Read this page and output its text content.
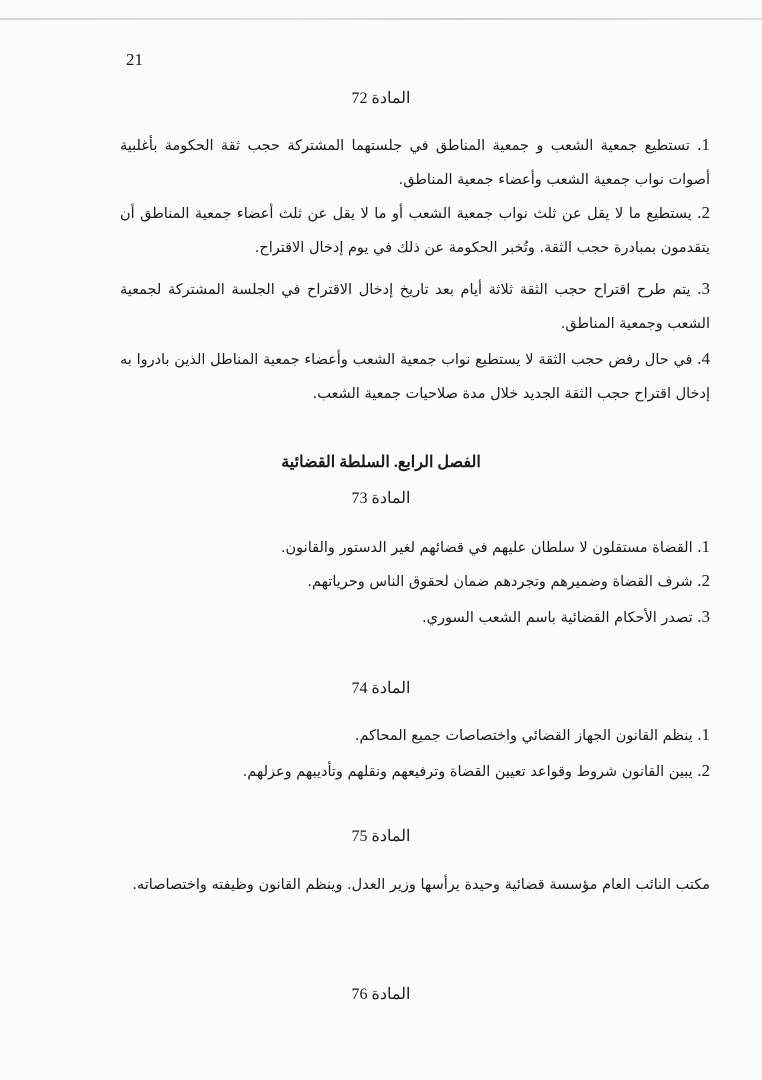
21
المادة 72

1. تستطيع جمعية الشعب و جمعية المناطق في جلستهما المشتركة حجب ثقة الحكومة بأغلبية أصوات نواب جمعية الشعب وأعضاء جمعية المناطق.

2. يستطيع ما لا يقل عن ثلث نواب جمعية الشعب أو ما لا يقل عن ثلث أعضاء جمعية المناطق أن يتقدمون بمبادرة حجب الثقة. وتُخبر الحكومة عن ذلك في يوم إدخال الاقتراح.

3. يتم طرح اقتراح حجب الثقة ثلاثة أيام بعد تاريخ إدخال الاقتراح في الجلسة المشتركة لجمعية الشعب وجمعية المناطق.

4. في حال رفض حجب الثقة لا يستطيع نواب جمعية الشعب وأعضاء جمعية المناطل الذين بادروا به إدخال اقتراح حجب الثقة الجديد خلال مدة صلاحيات جمعية الشعب.

الفصل الرابع. السلطة القضائية
المادة 73

1. القضاة مستقلون لا سلطان عليهم في قضائهم لغير الدستور والقانون.

2. شرف القضاة وضميرهم وتجردهم ضمان لحقوق الناس وحرياتهم.

3. تصدر الأحكام القضائية باسم الشعب السوري.

المادة 74

1. ينظم القانون الجهاز القضائي واختصاصات جميع المحاكم.

2. يبين القانون شروط وقواعد تعيين القضاة وترفيعهم ونقلهم وتأديبهم وعزلهم.

المادة 75

مكتب النائب العام مؤسسة قضائية وحيدة يرأسها وزير العدل. وينظم القانون وظيفته واختصاصاته.

المادة 76
